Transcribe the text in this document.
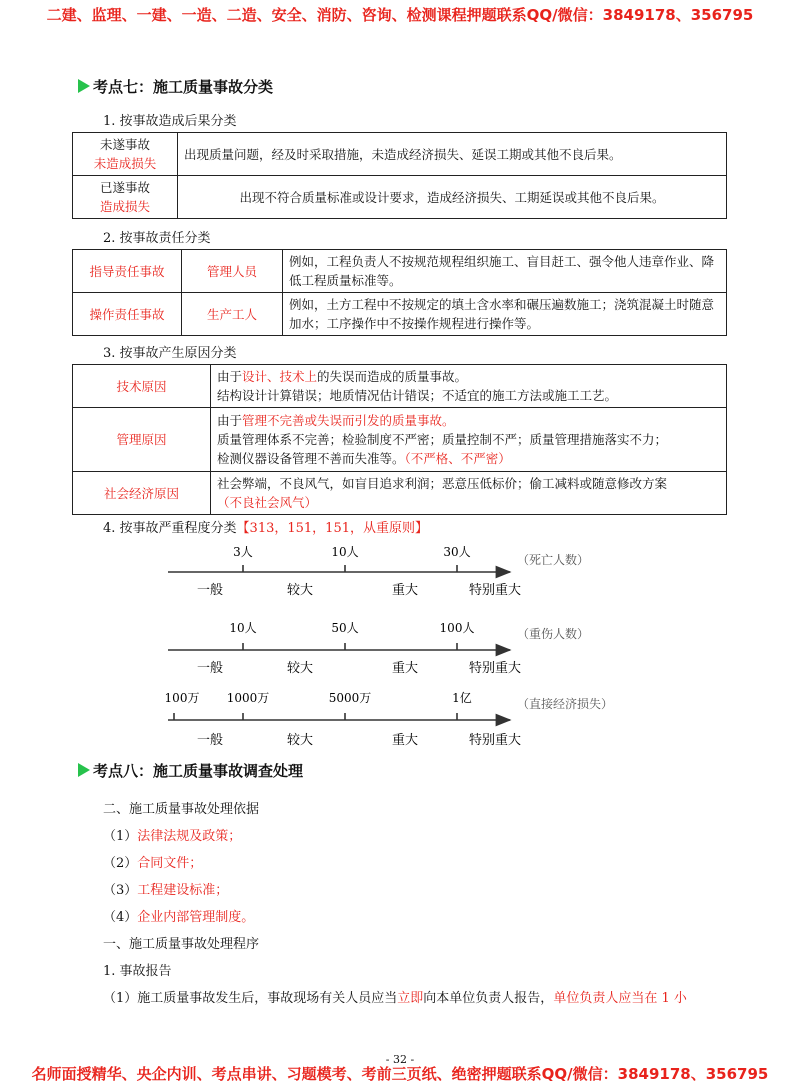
二建、监理、一建、一造、二造、安全、消防、咨询、检测课程押题联系QQ/微信：3849178、356795
考点七：施工质量事故分类
1. 按事故造成后果分类
未遂事故
未造成损失	出现质量问题，经及时采取措施，未造成经济损失、延误工期或其他不良后果。

已遂事故
造成损失	出现不符合质量标准或设计要求，造成经济损失、工期延误或其他不良后果。
2. 按事故责任分类
指导责任事故	管理人员	例如，工程负责人不按规范规程组织施工、盲目赶工、强令他人违章作业、降低工程质量标准等。
操作责任事故	生产工人	例如，土方工程中不按规定的填土含水率和碾压遍数施工；浇筑混凝土时随意加水；工序操作中不按操作规程进行操作等。
3. 按事故产生原因分类
技术原因	由于设计、技术上的失误而造成的质量事故。
结构设计计算错误；地质情况估计错误；不适宜的施工方法或施工工艺。

管理原因	由于管理不完善或失误而引发的质量事故。
质量管理体系不完善；检验制度不严密；质量控制不严；质量管理措施落实不力；
检测仪器设备管理不善而失准等。（不严格、不严密）

社会经济原因	社会弊端，不良风气，如盲目追求利润；恶意压低标价；偷工减料或随意修改方案
（不良社会风气）
4. 按事故严重程度分类【313，151，151，从重原则】
3人	10人	30人
（死亡人数）
一般	较大	重大	特别重大
10人	50人	100人	（重伤人数）
一般	较大	重大	特别重大
100万 1000万	5000万	1亿	（直接经济损失）
一般	较大	重大	特别重大
考点八：施工质量事故调查处理
二、施工质量事故处理依据
（1）法律法规及政策；
（2）合同文件；
（3）工程建设标准；
（4）企业内部管理制度。
一、施工质量事故处理程序
1. 事故报告
（1）施工质量事故发生后，事故现场有关人员应当立即向本单位负责人报告，单位负责人应当在 1 小
- 32 -
名师面授精华、央企内训、考点串讲、习题模考、考前三页纸、绝密押题联系QQ/微信：3849178、356795
